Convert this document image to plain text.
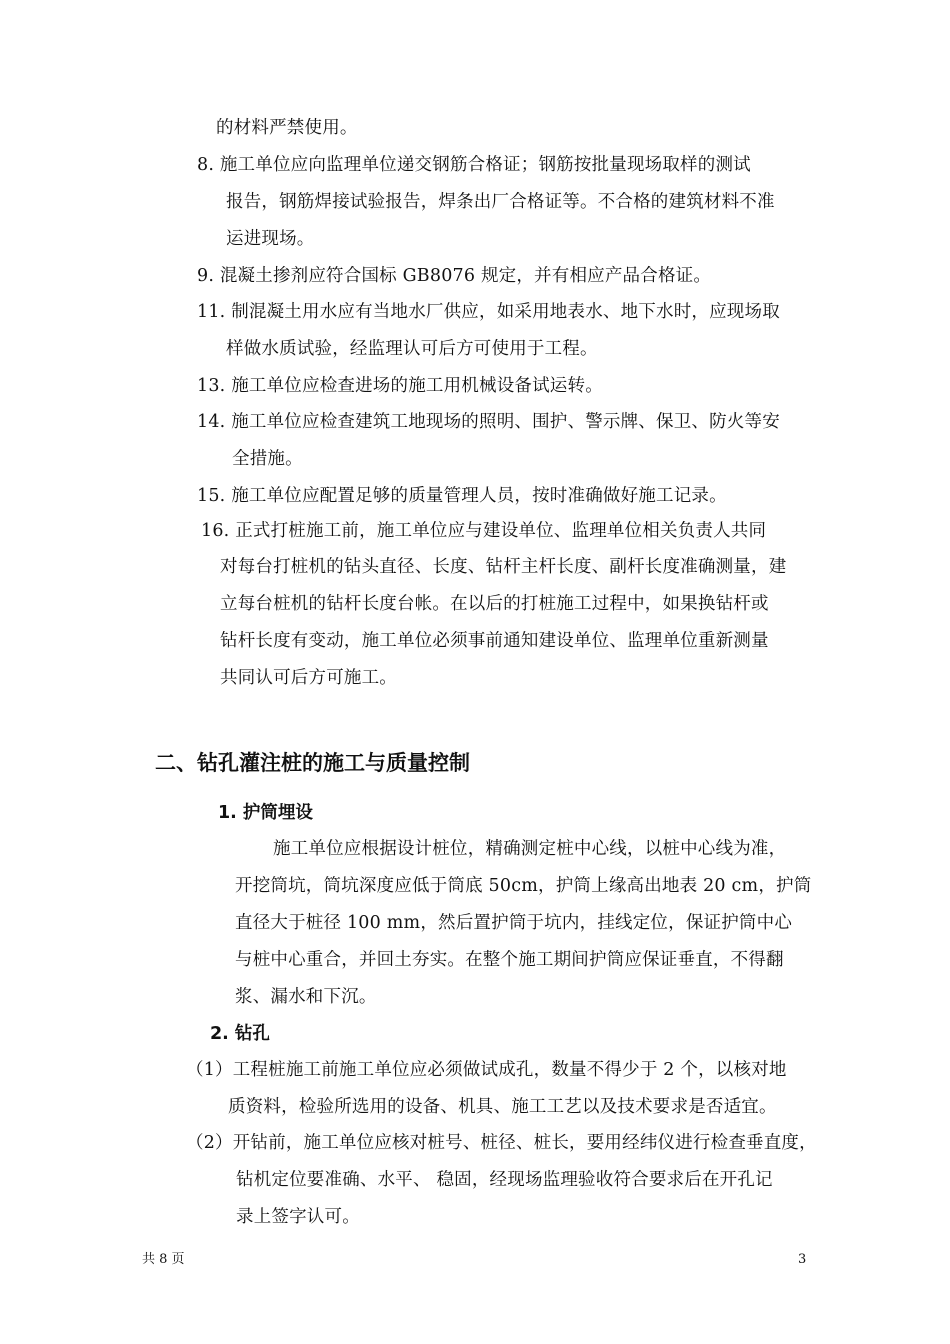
的材料严禁使用。
8. 施工单位应向监理单位递交钢筋合格证；钢筋按批量现场取样的测试
报告，钢筋焊接试验报告，焊条出厂合格证等。不合格的建筑材料不准
运进现场。
9. 混凝土掺剂应符合国标 GB8076 规定，并有相应产品合格证。
11. 制混凝土用水应有当地水厂供应，如采用地表水、地下水时，应现场取
样做水质试验，经监理认可后方可使用于工程。
13. 施工单位应检查进场的施工用机械设备试运转。
14. 施工单位应检查建筑工地现场的照明、围护、警示牌、保卫、防火等安
全措施。
15. 施工单位应配置足够的质量管理人员，按时准确做好施工记录。
16. 正式打桩施工前，施工单位应与建设单位、监理单位相关负责人共同
对每台打桩机的钻头直径、长度、钻杆主杆长度、副杆长度准确测量，建
立每台桩机的钻杆长度台帐。在以后的打桩施工过程中，如果换钻杆或
钻杆长度有变动，施工单位必须事前通知建设单位、监理单位重新测量
共同认可后方可施工。
二、钻孔灌注桩的施工与质量控制
1. 护筒埋设
施工单位应根据设计桩位，精确测定桩中心线，以桩中心线为准，
开挖筒坑，筒坑深度应低于筒底 50cm，护筒上缘高出地表 20 cm，护筒
直径大于桩径 100 mm，然后置护筒于坑内，挂线定位，保证护筒中心
与桩中心重合，并回土夯实。在整个施工期间护筒应保证垂直，不得翻
浆、漏水和下沉。
2. 钻孔
（1）工程桩施工前施工单位应必须做试成孔，数量不得少于 2 个，以核对地
质资料，检验所选用的设备、机具、施工工艺以及技术要求是否适宜。
（2）开钻前，施工单位应核对桩号、桩径、桩长，要用经纬仪进行检查垂直度，
钻机定位要准确、水平、 稳固，经现场监理验收符合要求后在开孔记
录上签字认可。
共 8 页	3
